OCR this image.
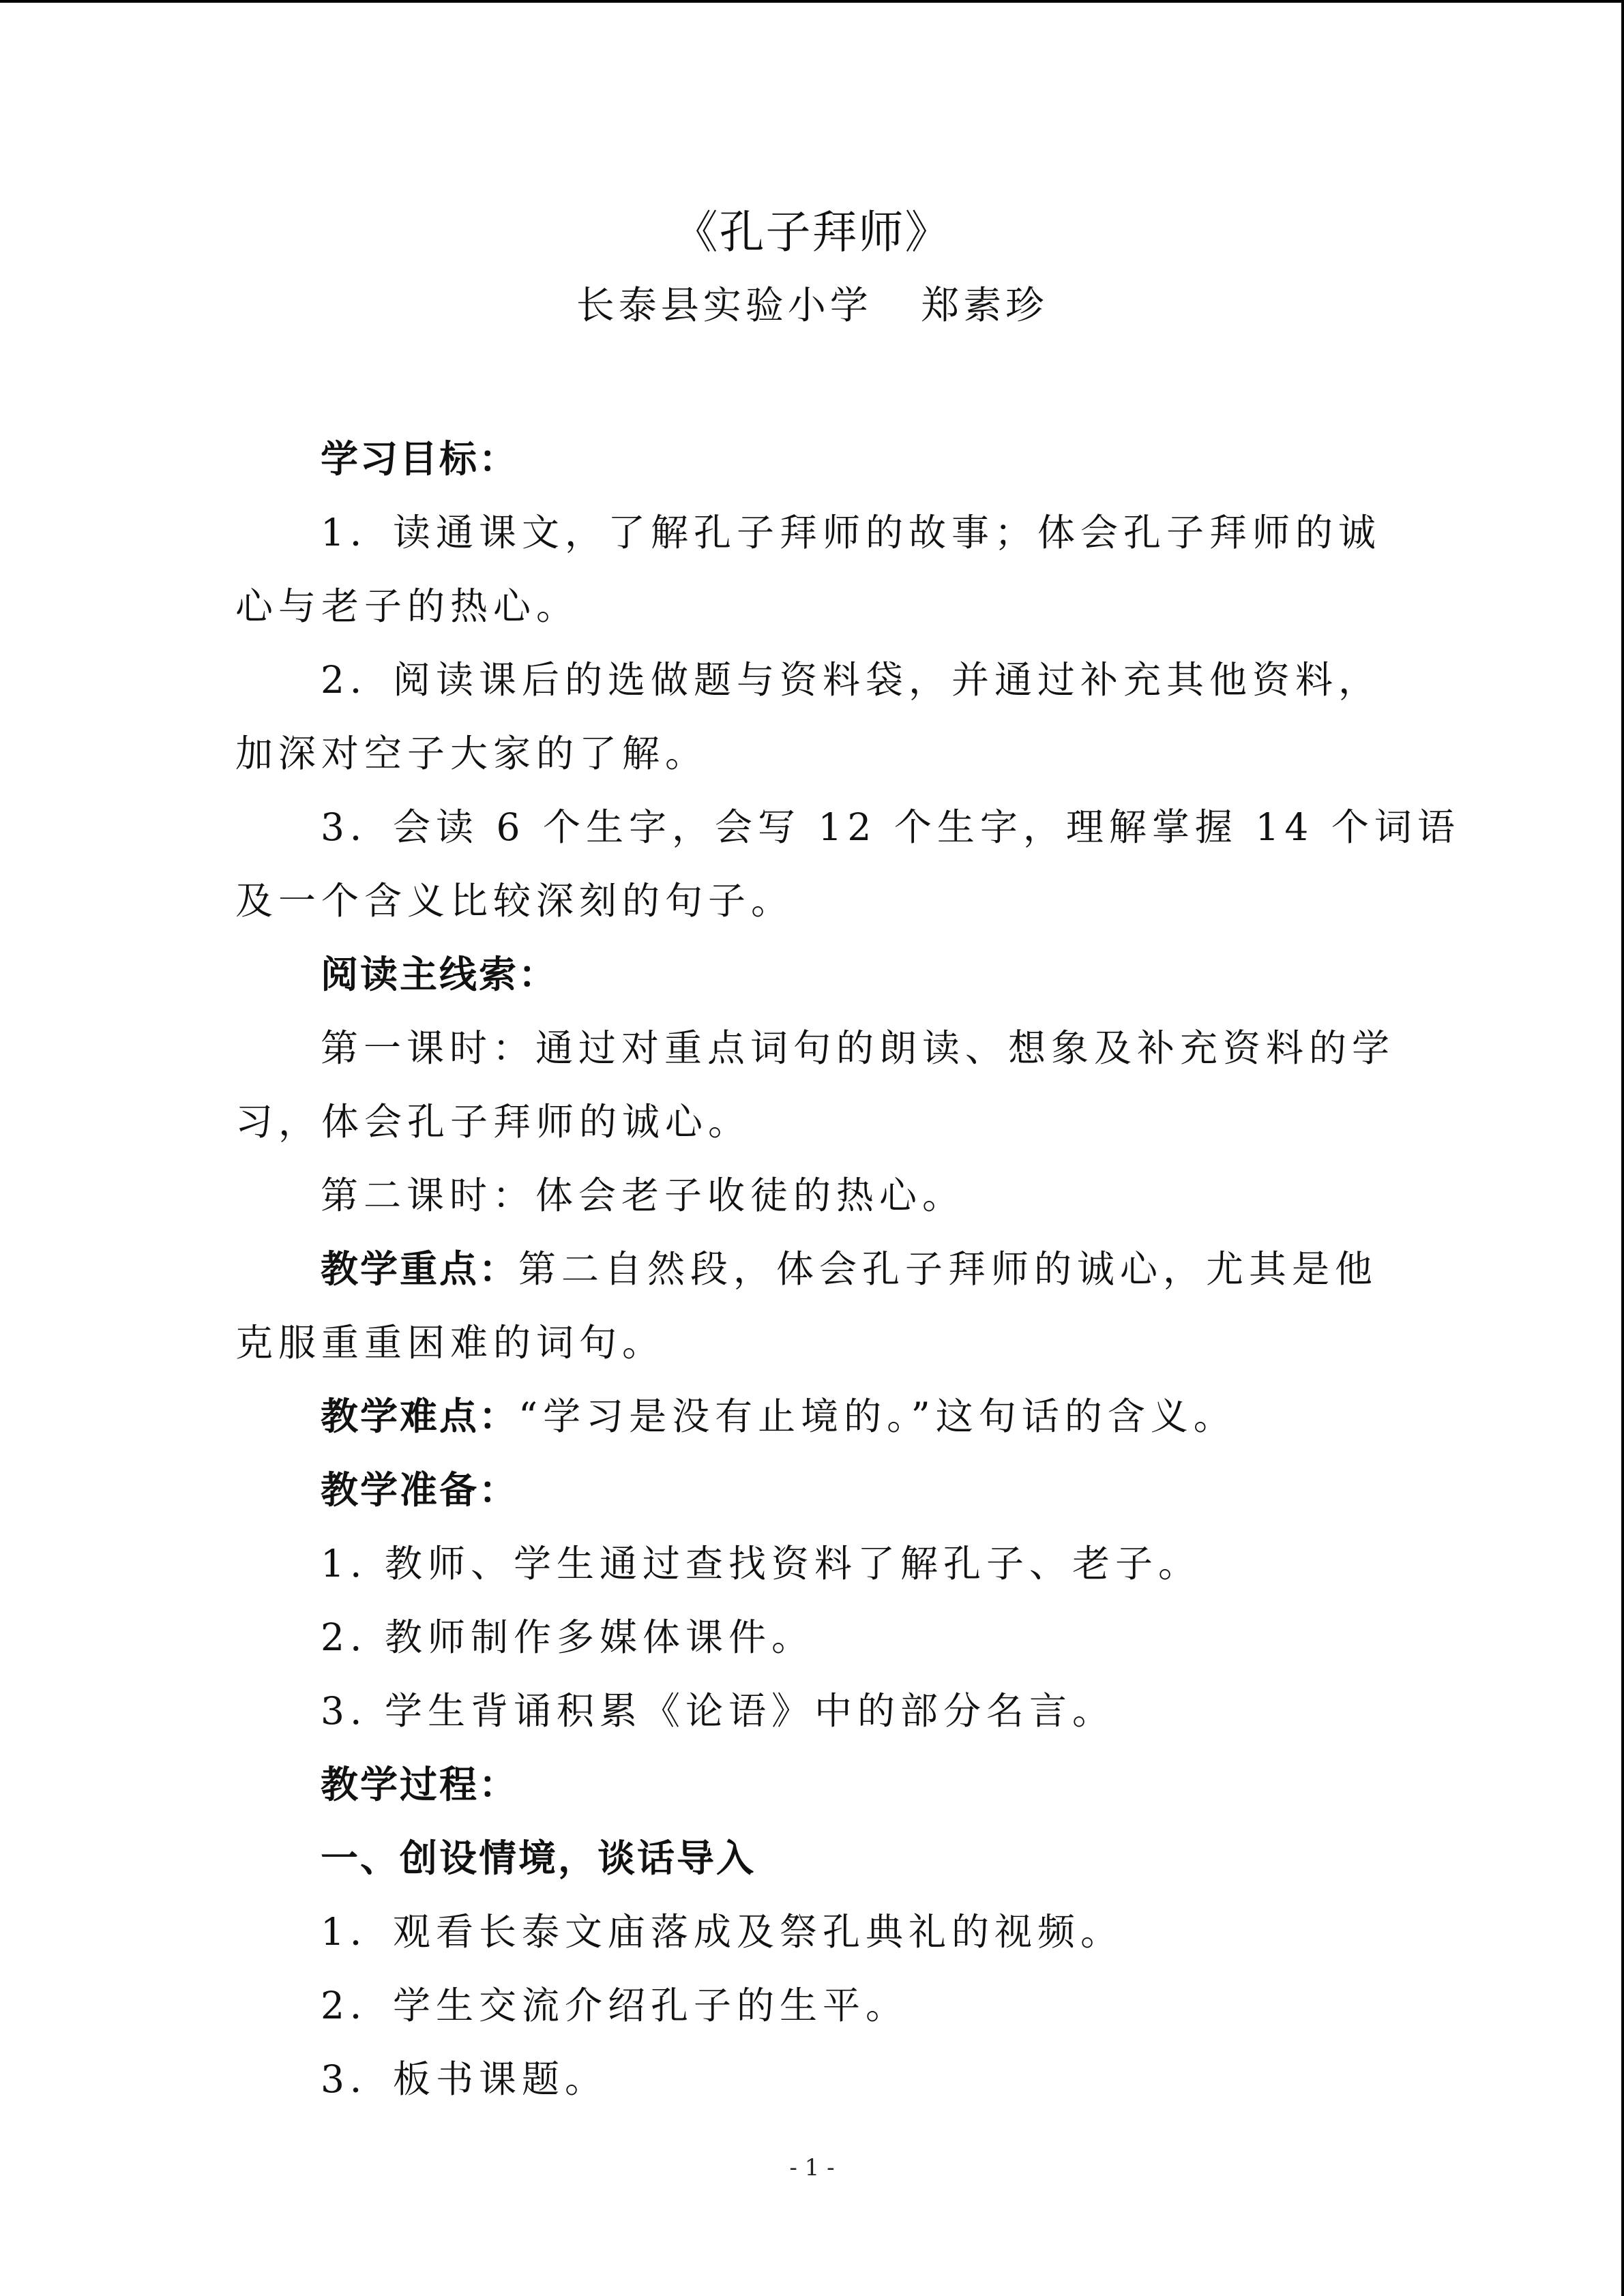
《孔子拜师》
长泰县实验小学   郑素珍
学习目标：
1．读通课文，了解孔子拜师的故事；体会孔子拜师的诚
心与老子的热心。
2．阅读课后的选做题与资料袋，并通过补充其他资料，
加深对空子大家的了解。
3．会读 6 个生字，会写 12 个生字，理解掌握 14 个词语
及一个含义比较深刻的句子。
阅读主线索：
第一课时：通过对重点词句的朗读、想象及补充资料的学
习，体会孔子拜师的诚心。
第二课时：体会老子收徒的热心。
教学重点：第二自然段，体会孔子拜师的诚心，尤其是他
克服重重困难的词句。
教学难点：“学习是没有止境的。”这句话的含义。
教学准备：
1. 教师、学生通过查找资料了解孔子、老子。
2. 教师制作多媒体课件。
3. 学生背诵积累《论语》中的部分名言。
教学过程：
一、创设情境，谈话导入
1．观看长泰文庙落成及祭孔典礼的视频。
2．学生交流介绍孔子的生平。
3．板书课题。
- 1 -
